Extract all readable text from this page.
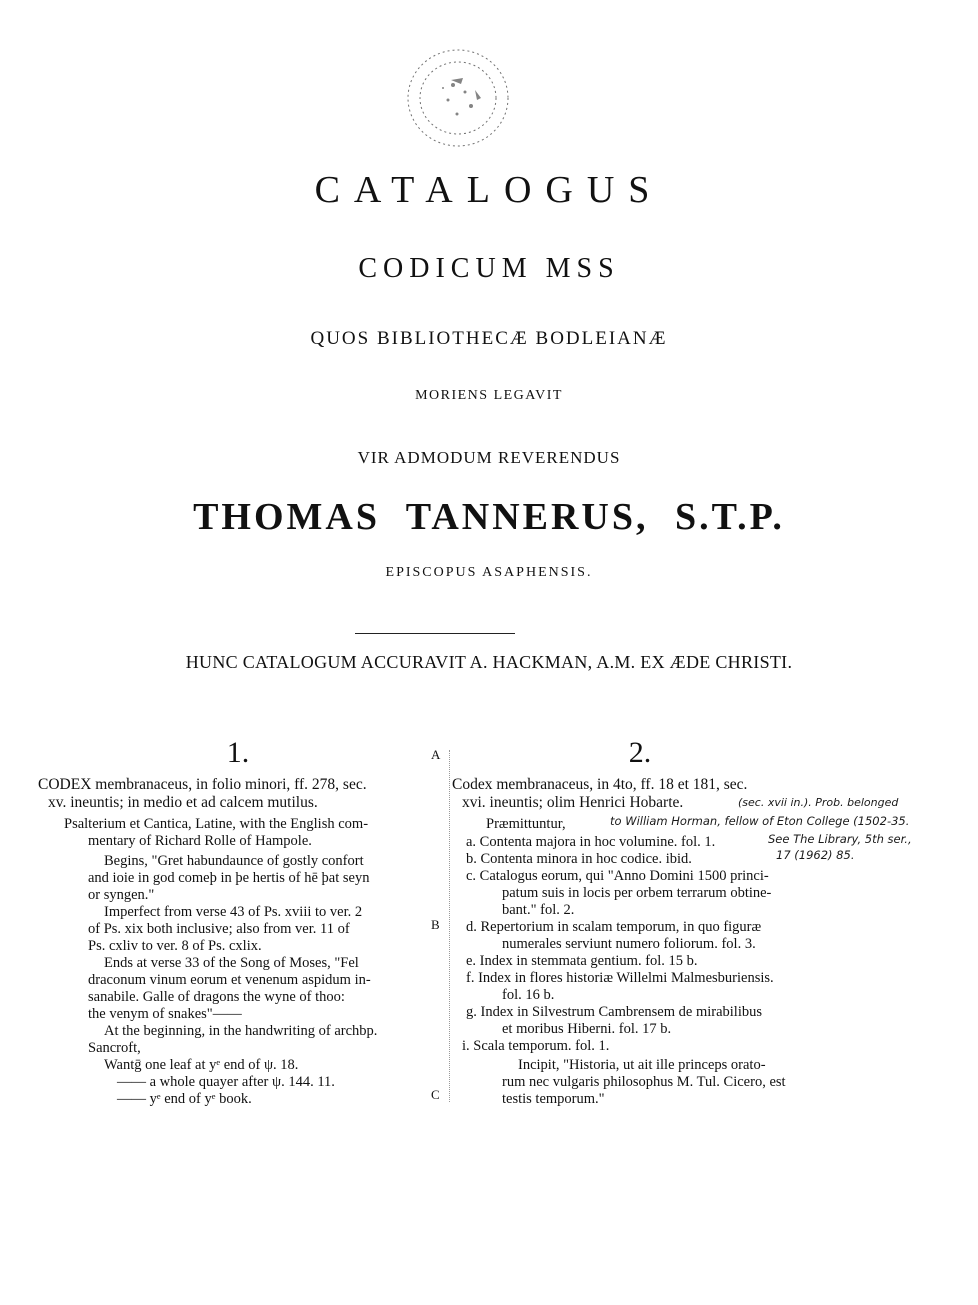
CATALOGUS
CODICUM MSS
QUOS BIBLIOTHECÆ BODLEIANÆ
MORIENS LEGAVIT
VIR ADMODUM REVERENDUS
THOMAS TANNERUS, S.T.P.
EPISCOPUS ASAPHENSIS.
HUNC CATALOGUM ACCURAVIT A. HACKMAN, A.M. EX ÆDE CHRISTI.
1.	2.
A
B
C
CODEX membranaceus, in folio minori, ff. 278, sec.
xv. ineuntis; in medio et ad calcem mutilus.
Psalterium et Cantica, Latine, with the English com-
mentary of Richard Rolle of Hampole.
Begins, "Gret habundaunce of gostly confort
and ioie in god comeþ in þe hertis of hē þat seyn
or syngen."
Imperfect from verse 43 of Ps. xviii to ver. 2
of Ps. xix both inclusive; also from ver. 11 of
Ps. cxliv to ver. 8 of Ps. cxlix.
Ends at verse 33 of the Song of Moses, "Fel
draconum vinum eorum et venenum aspidum in-
sanabile. Galle of dragons the wyne of thoo:
the venym of snakes"——
At the beginning, in the handwriting of archbp.
Sancroft,
Wantḡ one leaf at yᵉ end of ψ. 18.
—— a whole quayer after ψ. 144. 11.
—— yᵉ end of yᵉ book.
Codex membranaceus, in 4to, ff. 18 et 181, sec.
xvi. ineuntis; olim Henrici Hobarte.
Præmittuntur,
a. Contenta majora in hoc volumine. fol. 1.
b. Contenta minora in hoc codice. ibid.
c. Catalogus eorum, qui "Anno Domini 1500 princi-
patum suis in locis per orbem terrarum obtine-
bant." fol. 2.
d. Repertorium in scalam temporum, in quo figuræ
numerales serviunt numero foliorum. fol. 3.
e. Index in stemmata gentium. fol. 15 b.
f. Index in flores historiæ Willelmi Malmesburiensis.
fol. 16 b.
g. Index in Silvestrum Cambrensem de mirabilibus
et moribus Hiberni. fol. 17 b.
i. Scala temporum. fol. 1.
Incipit, "Historia, ut ait ille princeps orato-
rum nec vulgaris philosophus M. Tul. Cicero, est
testis temporum."
(sec. xvii in.). Prob. belonged
to William Horman, fellow of Eton College (1502-35.
See The Library, 5th ser.,
17 (1962) 85.
